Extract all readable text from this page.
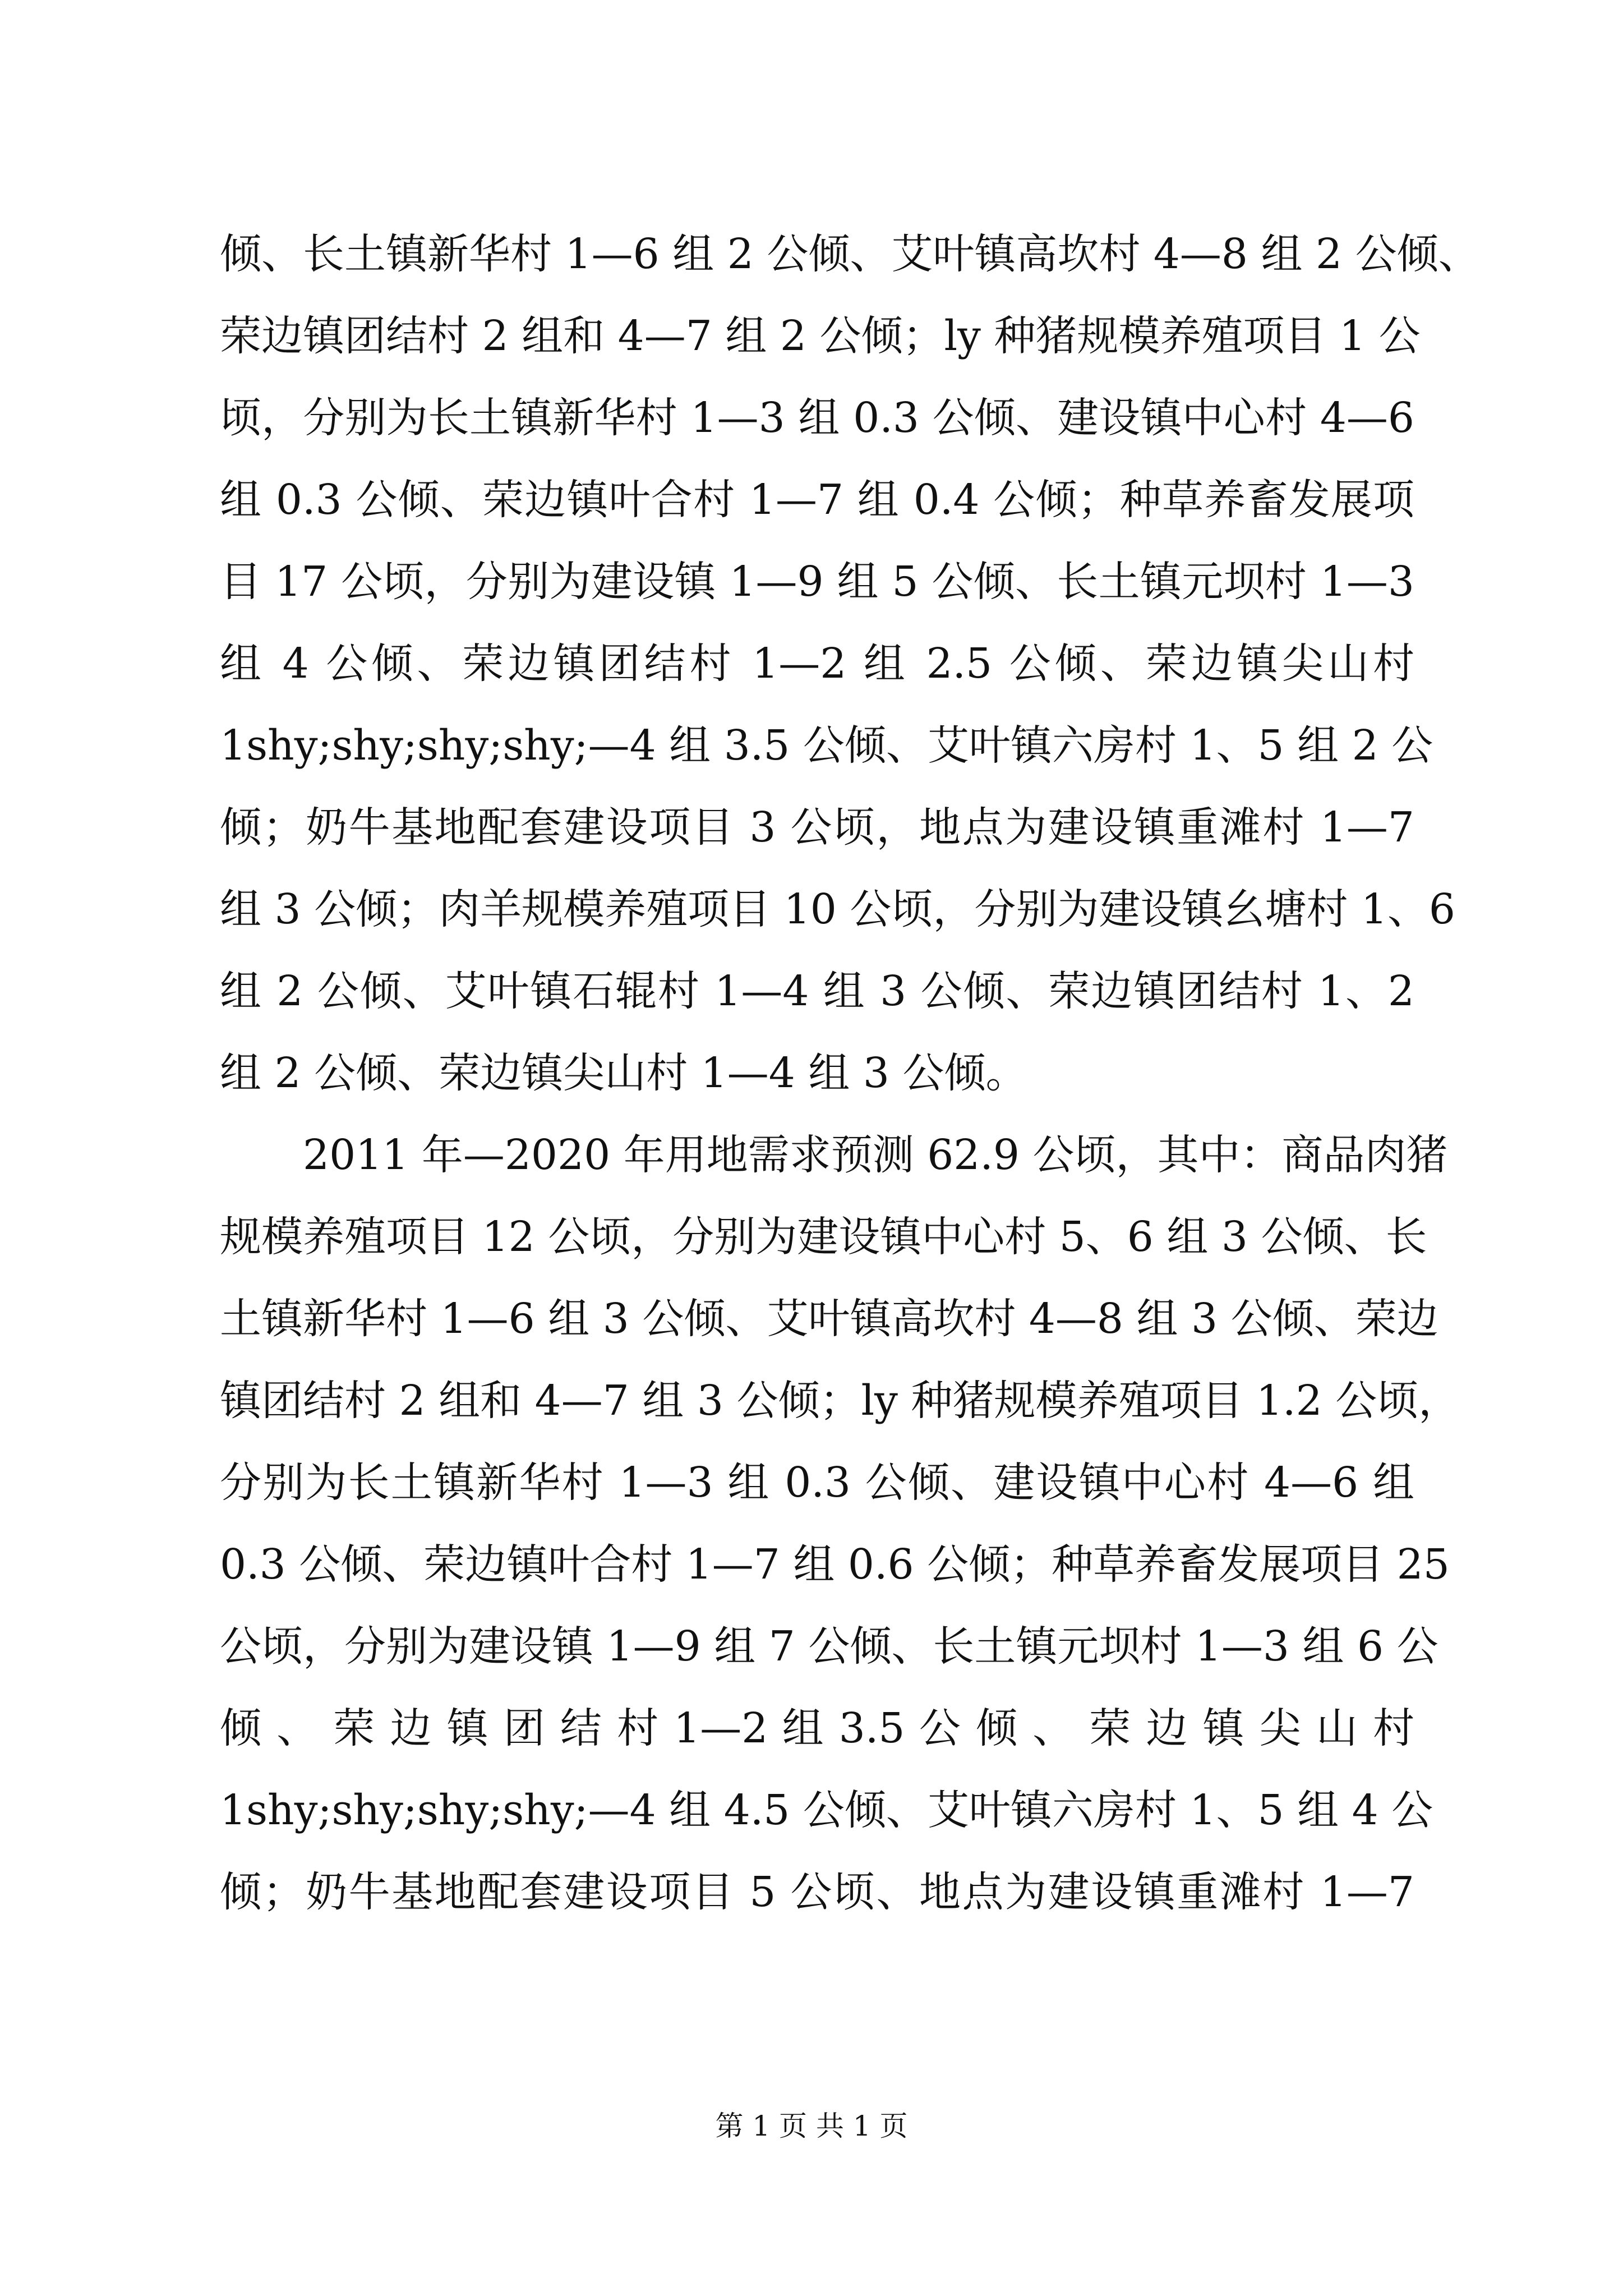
倾、长土镇新华村 1—6 组 2 公倾、艾叶镇高坎村 4—8 组 2 公倾、
荣边镇团结村 2 组和 4—7 组 2 公倾；ly 种猪规模养殖项目 1 公
顷，分别为长土镇新华村 1—3 组 0.3 公倾、建设镇中心村 4—6
组 0.3 公倾、荣边镇叶合村 1—7 组 0.4 公倾；种草养畜发展项
目 17 公顷，分别为建设镇 1—9 组 5 公倾、长土镇元坝村 1—3
组 4 公倾、荣边镇团结村 1—2 组 2.5 公倾、荣边镇尖山村
1shy;shy;shy;shy;—4 组 3.5 公倾、艾叶镇六房村 1、5 组 2 公
倾；奶牛基地配套建设项目 3 公顷，地点为建设镇重滩村 1—7
组 3 公倾；肉羊规模养殖项目 10 公顷，分别为建设镇幺塘村 1、6
组 2 公倾、艾叶镇石辊村 1—4 组 3 公倾、荣边镇团结村 1、2
组 2 公倾、荣边镇尖山村 1—4 组 3 公倾。
2011 年—2020 年用地需求预测 62.9 公顷，其中：商品肉猪
规模养殖项目 12 公顷，分别为建设镇中心村 5、6 组 3 公倾、长
土镇新华村 1—6 组 3 公倾、艾叶镇高坎村 4—8 组 3 公倾、荣边
镇团结村 2 组和 4—7 组 3 公倾；ly 种猪规模养殖项目 1.2 公顷，
分别为长土镇新华村 1—3 组 0.3 公倾、建设镇中心村 4—6 组
0.3 公倾、荣边镇叶合村 1—7 组 0.6 公倾；种草养畜发展项目 25
公顷，分别为建设镇 1—9 组 7 公倾、长土镇元坝村 1—3 组 6 公
倾 、 荣 边 镇 团 结 村 1—2 组 3.5 公 倾 、 荣 边 镇 尖 山 村
1shy;shy;shy;shy;—4 组 4.5 公倾、艾叶镇六房村 1、5 组 4 公
倾；奶牛基地配套建设项目 5 公顷、地点为建设镇重滩村 1—7
第 1 页 共 1 页
